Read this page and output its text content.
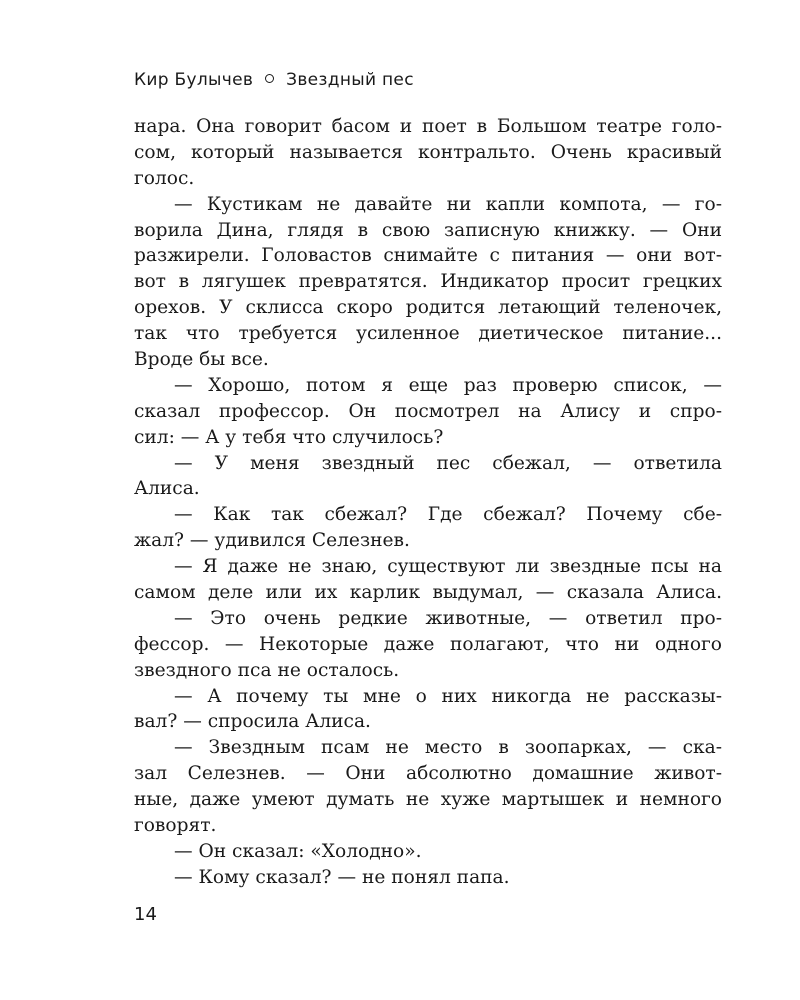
Кир Булычев Звездный пес
нара. Она говорит басом и поет в Большом театре голо-
сом, который называется контральто. Очень красивый
голос.
— Кустикам не давайте ни капли компота, — го-
ворила Дина, глядя в свою записную книжку. — Они
разжирели. Головастов снимайте с питания — они вот-
вот в лягушек превратятся. Индикатор просит грецких
орехов. У склисса скоро родится летающий теленочек,
так что требуется усиленное диетическое питание...
Вроде бы все.
— Хорошо, потом я еще раз проверю список, —
сказал профессор. Он посмотрел на Алису и спро-
сил: — А у тебя что случилось?
— У меня звездный пес сбежал, — ответила
Алиса.
— Как так сбежал? Где сбежал? Почему сбе-
жал? — удивился Селезнев.
— Я даже не знаю, существуют ли звездные псы на
самом деле или их карлик выдумал, — сказала Алиса.
— Это очень редкие животные, — ответил про-
фессор. — Некоторые даже полагают, что ни одного
звездного пса не осталось.
— А почему ты мне о них никогда не рассказы-
вал? — спросила Алиса.
— Звездным псам не место в зоопарках, — ска-
зал Селезнев. — Они абсолютно домашние живот-
ные, даже умеют думать не хуже мартышек и немного
говорят.
— Он сказал: «Холодно».
— Кому сказал? — не понял папа.
14
